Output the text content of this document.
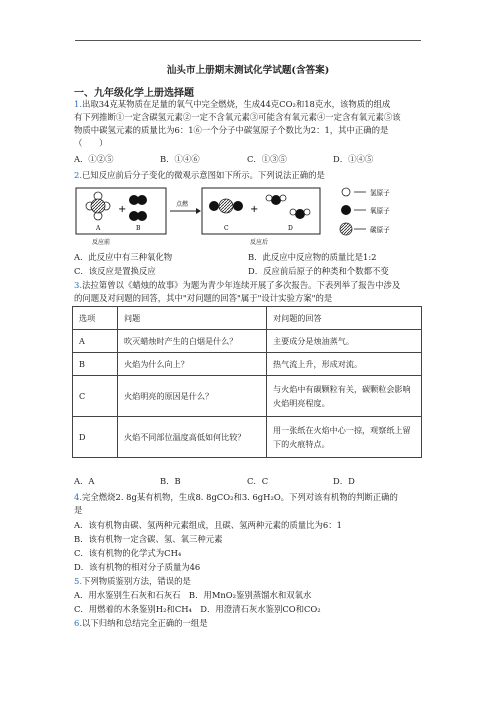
汕头市上册期末测试化学试题(含答案)
一、九年级化学上册选择题
1.出取34克某物质在足量的氧气中完全燃烧，生成44克CO₂和18克水，该物质的组成
有下列推断①一定含碳氢元素②一定不含氧元素③可能含有氧元素④一定含有氧元素⑤该
物质中碳氢元素的质量比为6：1⑥一个分子中碳氢原子个数比为2：1，其中正确的是
（　　）
A．①②⑤	B．①④⑥	C．①③⑤	D．①④⑤
2.已知反应前后分子变化的微观示意图如下所示。下列说法正确的是
+
A	B
反应前
点燃	+
C	D
反应后
氢原子
氧原子
碳原子
A．此反应中有三种氧化物	B．此反应中反应物的质量比是1:2
C．该反应是置换反应	D．反应前后原子的种类和个数都不变
3.法拉第曾以《蜡烛的故事》为题为青少年连续开展了多次报告。下表列举了报告中涉及
的问题及对问题的回答，其中"对问题的回答"属于"设计实验方案"的是
选项	问题	对问题的回答
A	吹灭蜡烛时产生的白烟是什么？	主要成分是烛油蒸气。
B	火焰为什么向上？	热气流上升，形成对流。
C	火焰明亮的原因是什么？	与火焰中有碳颗粒有关，碳颗粒会影响
火焰明亮程度。

D	火焰不同部位温度高低如何比较？	用一张纸在火焰中心一掠，观察纸上留
下的火痕特点。
A．A	B．B	C．C	D．D
4.完全燃烧2. 8g某有机物，生成8. 8gCO₂和3. 6gH₂O。下列对该有机物的判断正确的
是
A．该有机物由碳、氢两种元素组成，且碳、氢两种元素的质量比为6：1
B．该有机物一定含碳、氢、氧三种元素
C．该有机物的化学式为CH₄
D．该有机物的相对分子质量为46
5.下列物质鉴别方法，错误的是
A．用水鉴别生石灰和石灰石　B．用MnO₂鉴别蒸馏水和双氧水
C．用燃着的木条鉴别H₂和CH₄　D．用澄清石灰水鉴别CO和CO₂
6.以下归纳和总结完全正确的一组是
